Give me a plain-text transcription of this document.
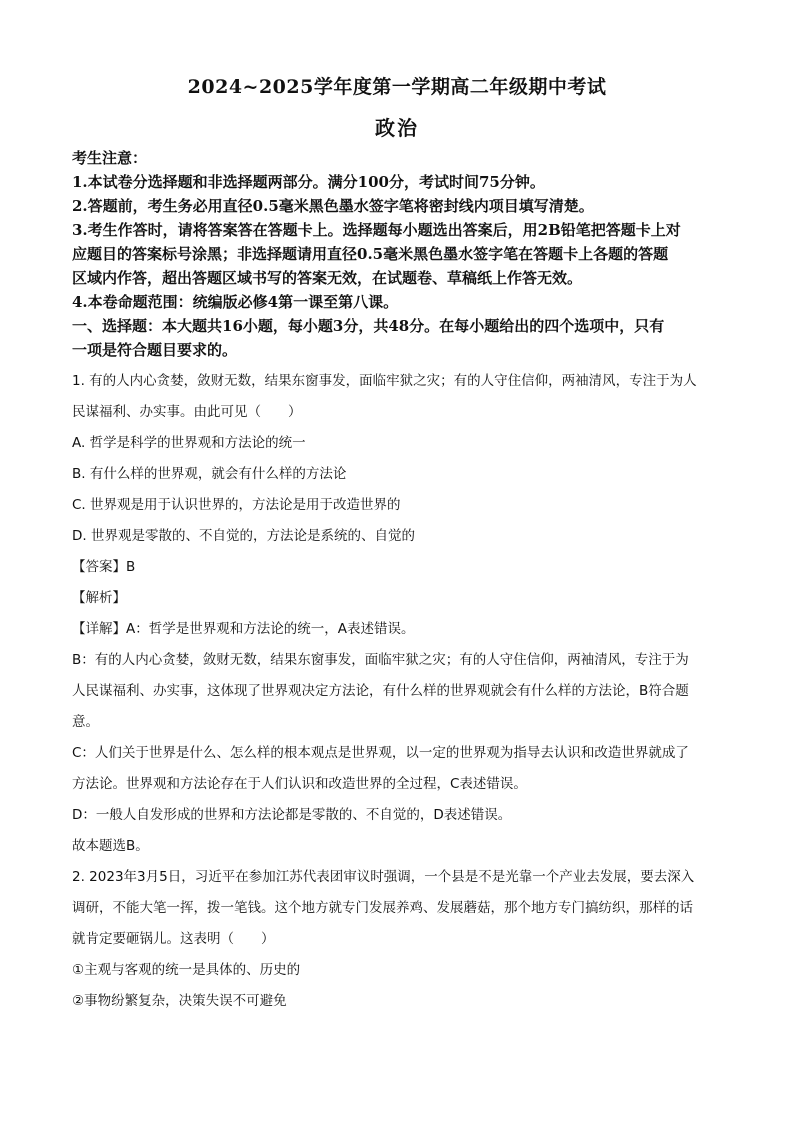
2024~2025学年度第一学期高二年级期中考试
政治

考生注意：

1.本试卷分选择题和非选择题两部分。满分100分，考试时间75分钟。

2.答题前，考生务必用直径0.5毫米黑色墨水签字笔将密封线内项目填写清楚。

3.考生作答时，请将答案答在答题卡上。选择题每小题选出答案后，用2B铅笔把答题卡上对

应题目的答案标号涂黑；非选择题请用直径0.5毫米黑色墨水签字笔在答题卡上各题的答题

区域内作答，超出答题区域书写的答案无效，在试题卷、草稿纸上作答无效。

4.本卷命题范围：统编版必修4第一课至第八课。

一、选择题：本大题共16小题，每小题3分，共48分。在每小题给出的四个选项中，只有

一项是符合题目要求的。

1. 有的人内心贪婪，敛财无数，结果东窗事发，面临牢狱之灾；有的人守住信仰，两袖清风，专注于为人

民谋福利、办实事。由此可见（　　）

A. 哲学是科学的世界观和方法论的统一

B. 有什么样的世界观，就会有什么样的方法论

C. 世界观是用于认识世界的，方法论是用于改造世界的

D. 世界观是零散的、不自觉的，方法论是系统的、自觉的

【答案】B

【解析】

【详解】A：哲学是世界观和方法论的统一，A表述错误。

B：有的人内心贪婪，敛财无数，结果东窗事发，面临牢狱之灾；有的人守住信仰，两袖清风，专注于为

人民谋福利、办实事，这体现了世界观决定方法论，有什么样的世界观就会有什么样的方法论，B符合题

意。

C：人们关于世界是什么、怎么样的根本观点是世界观，以一定的世界观为指导去认识和改造世界就成了

方法论。世界观和方法论存在于人们认识和改造世界的全过程，C表述错误。

D：一般人自发形成的世界和方法论都是零散的、不自觉的，D表述错误。

故本题选B。

2. 2023年3月5日，习近平在参加江苏代表团审议时强调，一个县是不是光靠一个产业去发展，要去深入

调研，不能大笔一挥，拨一笔钱。这个地方就专门发展养鸡、发展蘑菇，那个地方专门搞纺织，那样的话

就肯定要砸锅儿。这表明（　　）

①主观与客观的统一是具体的、历史的

②事物纷繁复杂，决策失误不可避免
